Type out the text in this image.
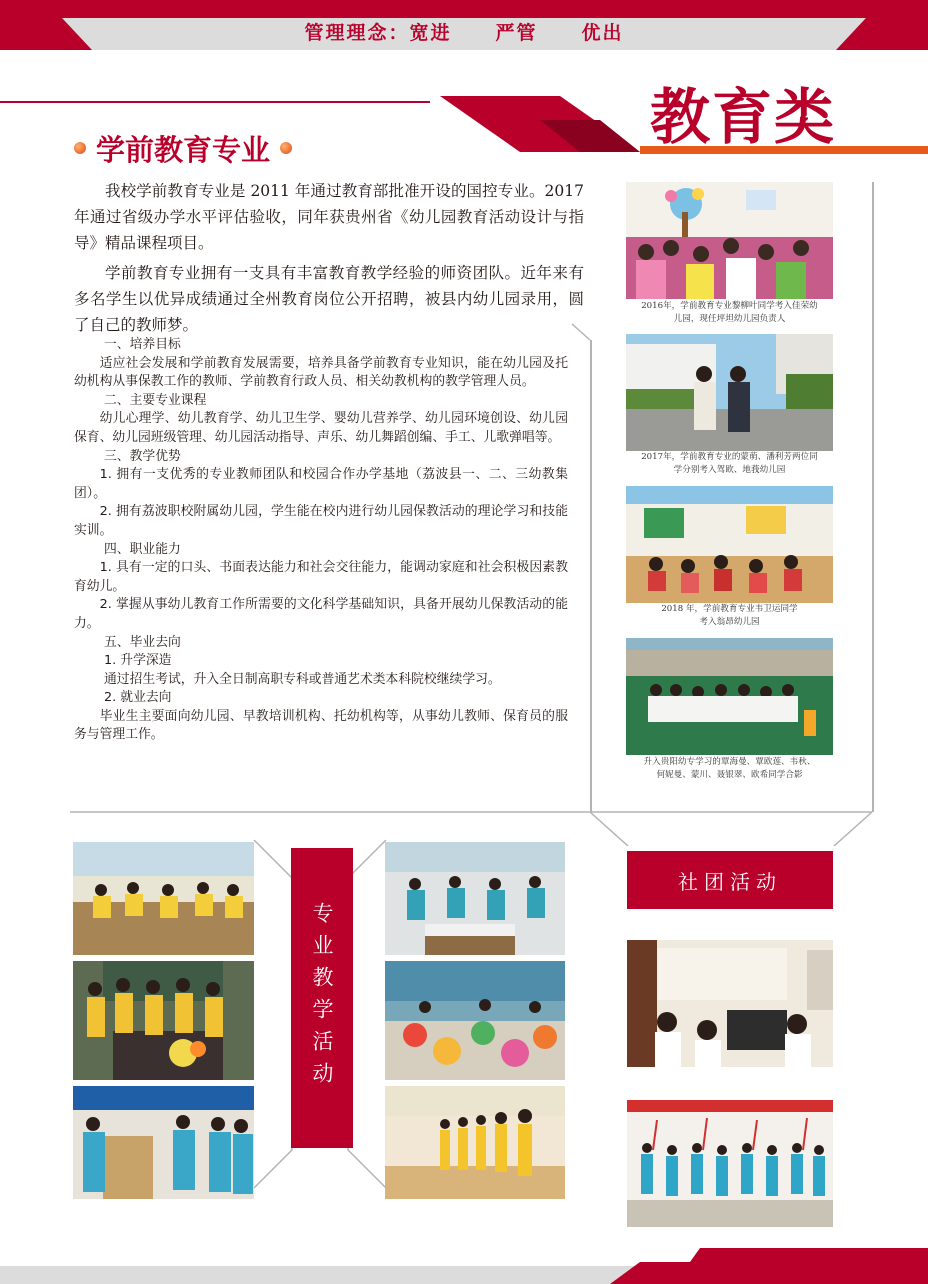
管理理念：宽进 严管 优出
教育类
学前教育专业

我校学前教育专业是 2011 年通过教育部批准开设的国控专业。2017 年通过省级办学水平评估验收，同年获贵州省《幼儿园教育活动设计与指导》精品课程项目。

学前教育专业拥有一支具有丰富教育教学经验的师资团队。近年来有多名学生以优异成绩通过全州教育岗位公开招聘，被县内幼儿园录用，圆了自己的教师梦。

一、培养目标
适应社会发展和学前教育发展需要，培养具备学前教育专业知识，能在幼儿园及托幼机构从事保教工作的教师、学前教育行政人员、相关幼教机构的教学管理人员。
二、主要专业课程
幼儿心理学、幼儿教育学、幼儿卫生学、婴幼儿营养学、幼儿园环境创设、幼儿园保育、幼儿园班级管理、幼儿园活动指导、声乐、幼儿舞蹈创编、手工、儿歌弹唱等。
三、教学优势
1. 拥有一支优秀的专业教师团队和校园合作办学基地（荔波县一、二、三幼教集团）。
2. 拥有荔波职校附属幼儿园，学生能在校内进行幼儿园保教活动的理论学习和技能实训。
四、职业能力
1. 具有一定的口头、书面表达能力和社会交往能力，能调动家庭和社会积极因素教育幼儿。
2. 掌握从事幼儿教育工作所需要的文化科学基础知识，具备开展幼儿保教活动的能力。
五、毕业去向
1. 升学深造
通过招生考试，升入全日制高职专科或普通艺术类本科院校继续学习。
2. 就业去向
毕业生主要面向幼儿园、早教培训机构、托幼机构等，从事幼儿教师、保育员的服务与管理工作。
2016年，学前教育专业黎柳叶同学考入佳荣幼
儿园，现任坪坦幼儿园负责人
2017年，学前教育专业的蒙萌、潘利芳两位同
学分别考入驾欧、地莪幼儿园
2018 年，学前教育专业韦卫运同学
考入翁昂幼儿园
升入贵阳幼专学习的覃海曼、覃欧莲、韦秋、
何妮曼、蒙川、聂银翠、欧希同学合影
专业教学活动
社团活动
